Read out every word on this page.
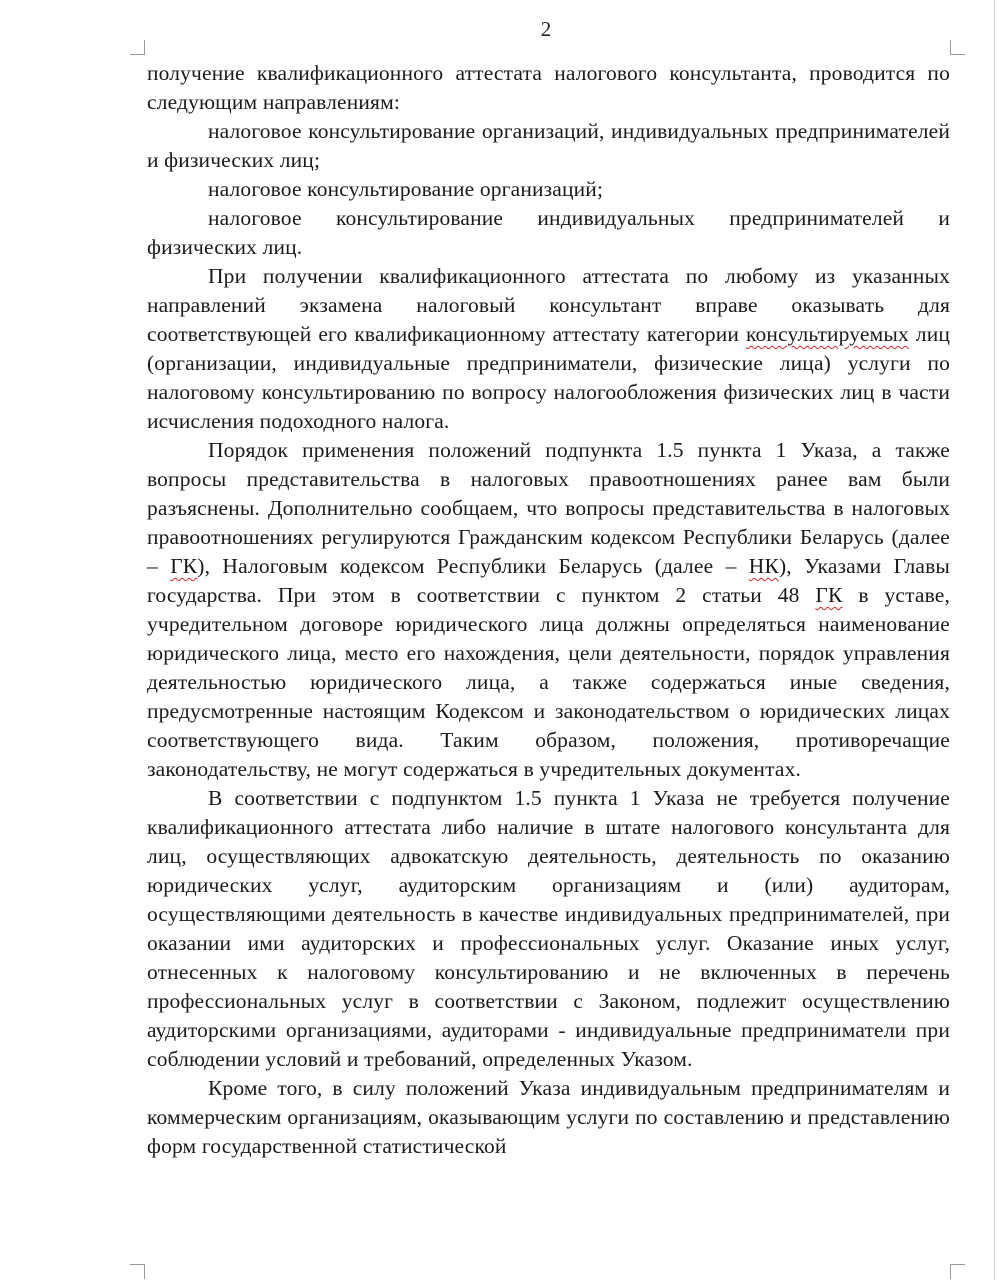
2

получение квалификационного аттестата налогового консультанта, проводится по следующим направлениям:

налоговое консультирование организаций, индивидуальных предпринимателей и физических лиц;

налоговое консультирование организаций;

налоговое консультирование индивидуальных предпринимателей и физических лиц.

При получении квалификационного аттестата по любому из указанных направлений экзамена налоговый консультант вправе оказывать для соответствующей его квалификационному аттестату категории консультируемых лиц (организации, индивидуальные предприниматели, физические лица) услуги по налоговому консультированию по вопросу налогообложения физических лиц в части исчисления подоходного налога.

Порядок применения положений подпункта 1.5 пункта 1 Указа, а также вопросы представительства в налоговых правоотношениях ранее вам были разъяснены. Дополнительно сообщаем, что вопросы представительства в налоговых правоотношениях регулируются Гражданским кодексом Республики Беларусь (далее – ГК), Налоговым кодексом Республики Беларусь (далее – НК), Указами Главы государства. При этом в соответствии с пунктом 2 статьи 48 ГК в уставе, учредительном договоре юридического лица должны определяться наименование юридического лица, место его нахождения, цели деятельности, порядок управления деятельностью юридического лица, а также содержаться иные сведения, предусмотренные настоящим Кодексом и законодательством о юридических лицах соответствующего вида. Таким образом, положения, противоречащие законодательству, не могут содержаться в учредительных документах.

В соответствии с подпунктом 1.5 пункта 1 Указа не требуется получение квалификационного аттестата либо наличие в штате налогового консультанта для лиц, осуществляющих адвокатскую деятельность, деятельность по оказанию юридических услуг, аудиторским организациям и (или) аудиторам, осуществляющими деятельность в качестве индивидуальных предпринимателей, при оказании ими аудиторских и профессиональных услуг. Оказание иных услуг, отнесенных к налоговому консультированию и не включенных в перечень профессиональных услуг в соответствии с Законом, подлежит осуществлению аудиторскими организациями, аудиторами - индивидуальные предприниматели при соблюдении условий и требований, определенных Указом.

Кроме того, в силу положений Указа индивидуальным предпринимателям и коммерческим организациям, оказывающим услуги по составлению и представлению форм государственной статистической
